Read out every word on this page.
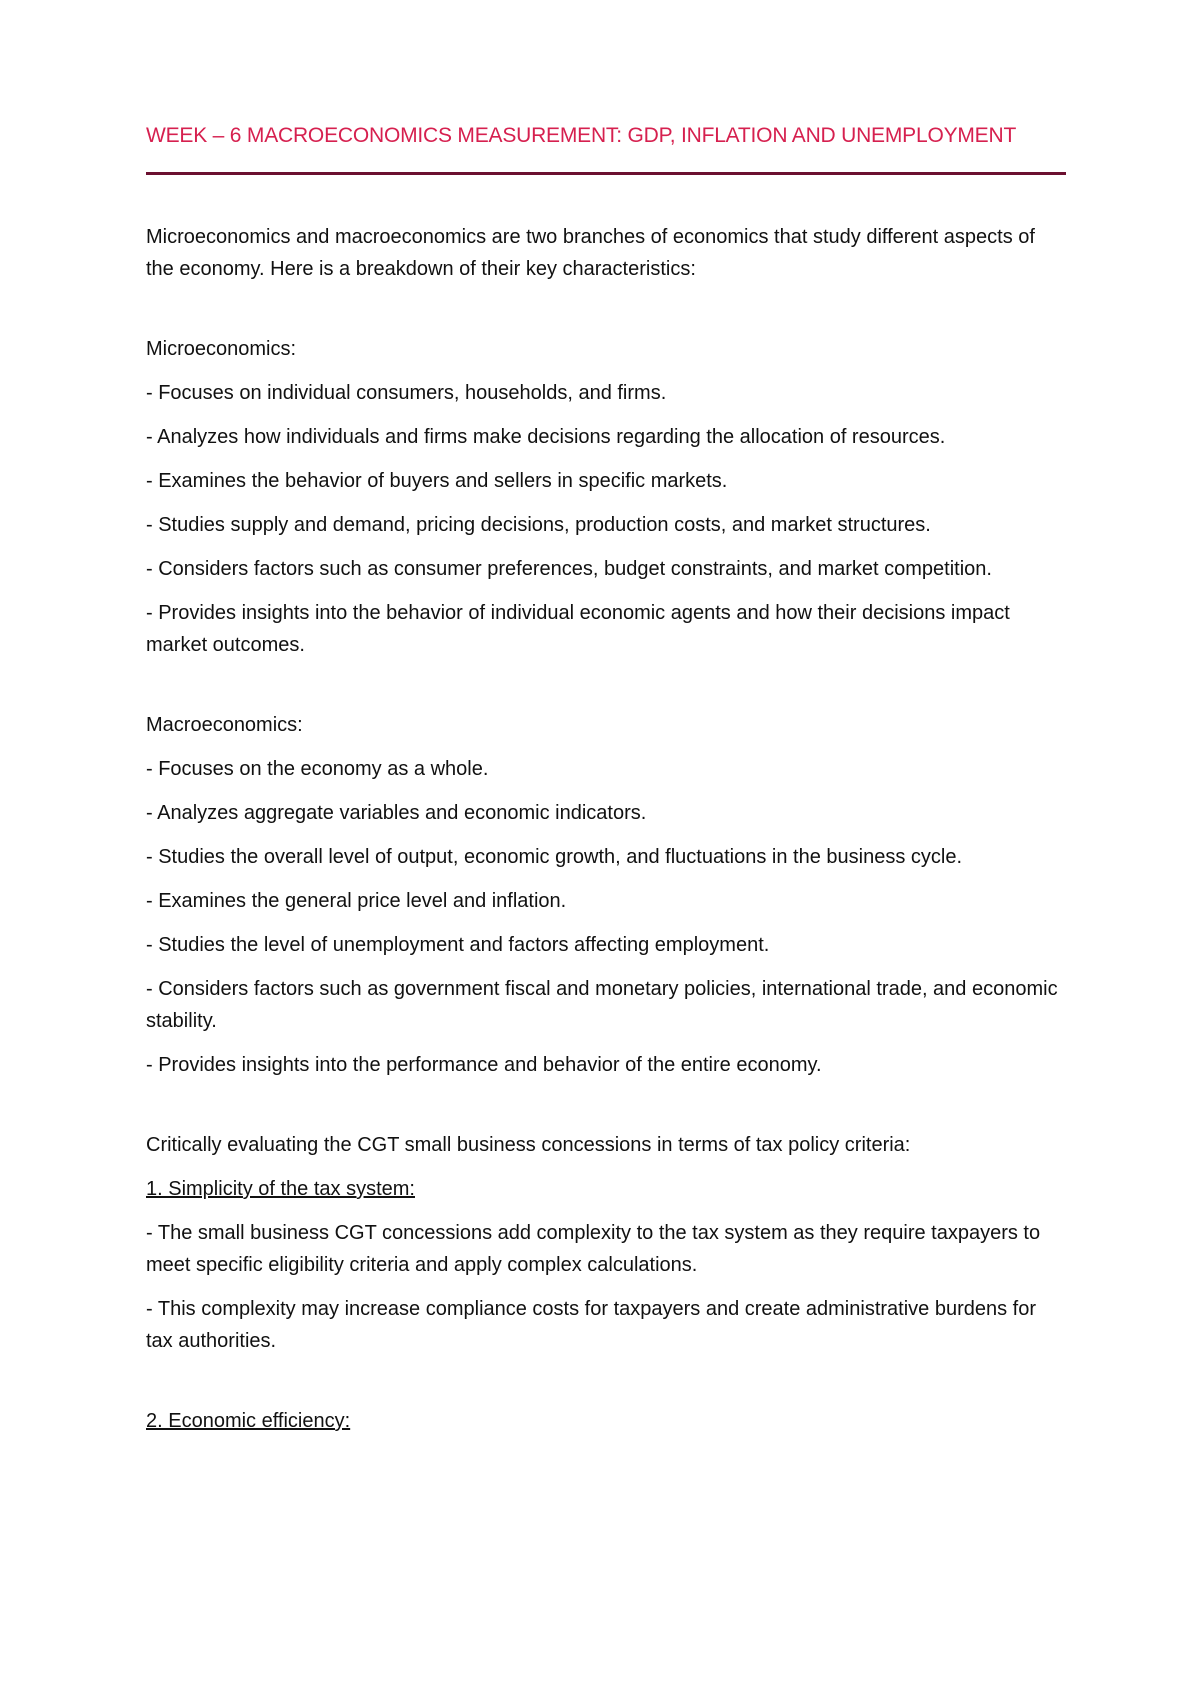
WEEK – 6 MACROECONOMICS MEASUREMENT: GDP, INFLATION AND UNEMPLOYMENT

Microeconomics and macroeconomics are two branches of economics that study different aspects of the economy. Here is a breakdown of their key characteristics:

Microeconomics:

- Focuses on individual consumers, households, and firms.

- Analyzes how individuals and firms make decisions regarding the allocation of resources.

- Examines the behavior of buyers and sellers in specific markets.

- Studies supply and demand, pricing decisions, production costs, and market structures.

- Considers factors such as consumer preferences, budget constraints, and market competition.

- Provides insights into the behavior of individual economic agents and how their decisions impact market outcomes.

Macroeconomics:

- Focuses on the economy as a whole.

- Analyzes aggregate variables and economic indicators.

- Studies the overall level of output, economic growth, and fluctuations in the business cycle.

- Examines the general price level and inflation.

- Studies the level of unemployment and factors affecting employment.

- Considers factors such as government fiscal and monetary policies, international trade, and economic stability.

- Provides insights into the performance and behavior of the entire economy.

Critically evaluating the CGT small business concessions in terms of tax policy criteria:

1. Simplicity of the tax system:

- The small business CGT concessions add complexity to the tax system as they require taxpayers to meet specific eligibility criteria and apply complex calculations.

- This complexity may increase compliance costs for taxpayers and create administrative burdens for tax authorities.

2. Economic efficiency:
